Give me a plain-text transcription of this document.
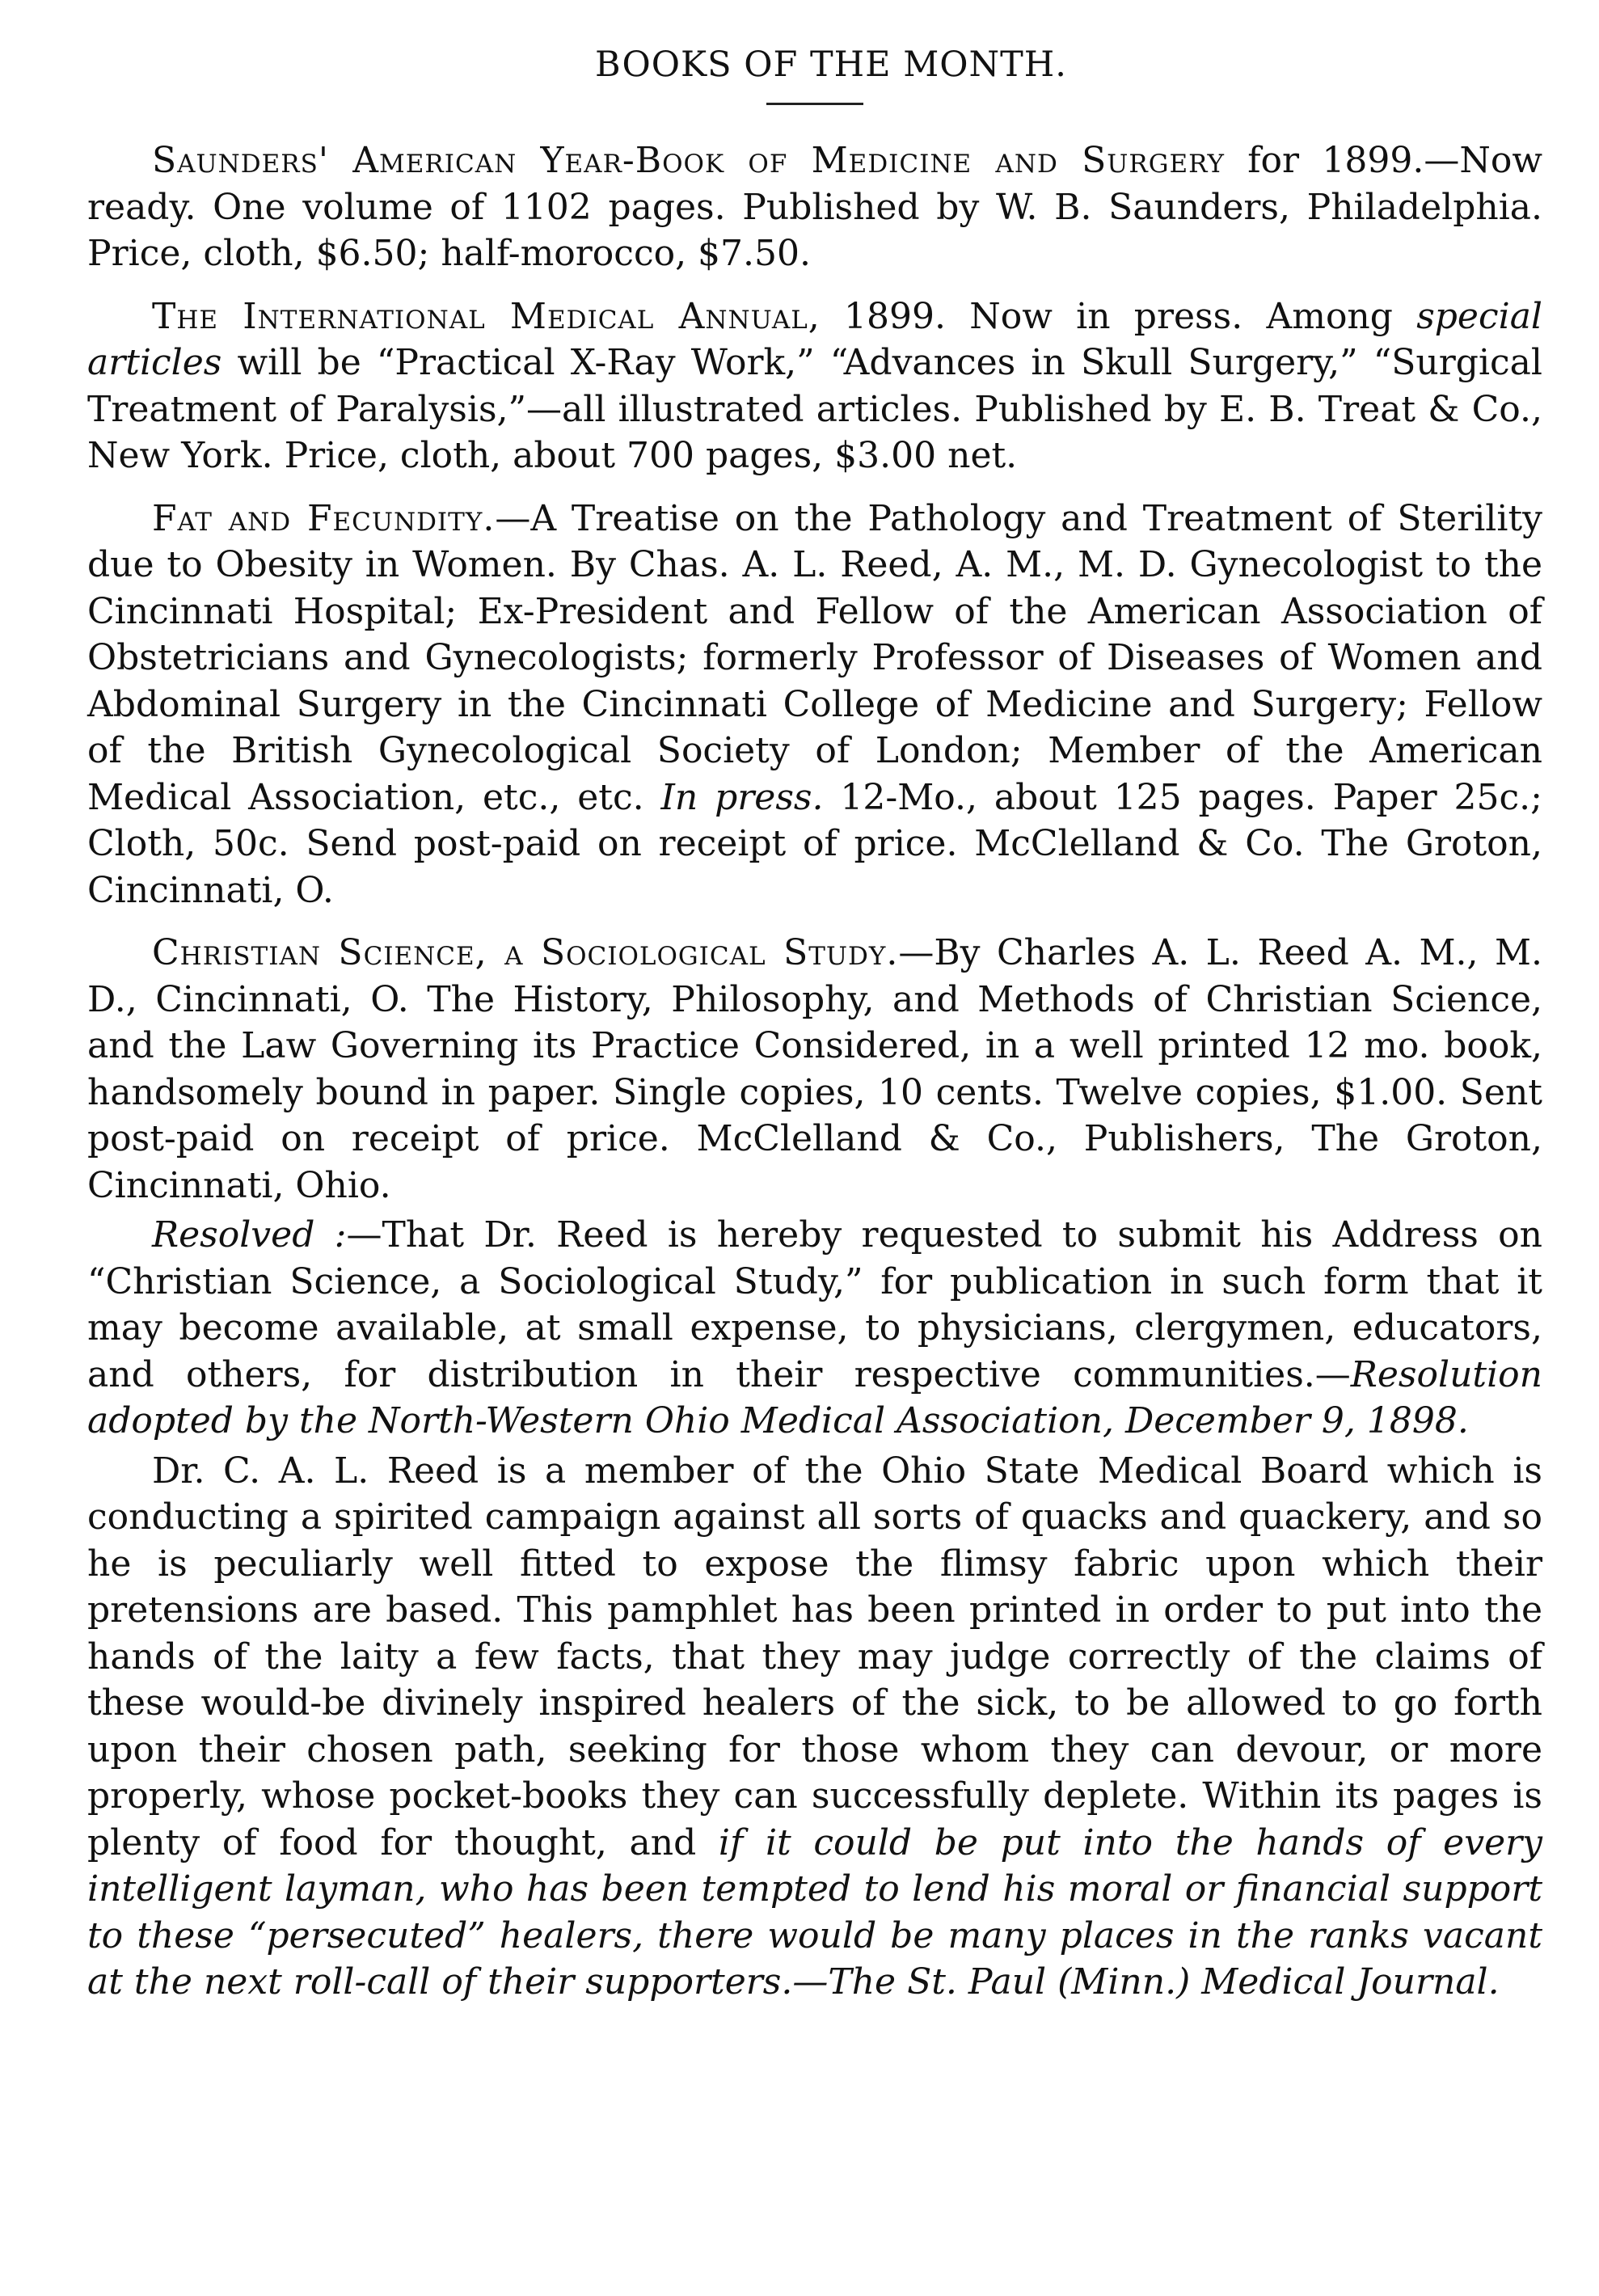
BOOKS OF THE MONTH.

Saunders' American Year-Book of Medicine and Surgery for 1899.—Now ready. One volume of 1102 pages. Published by W. B. Saunders, Philadelphia. Price, cloth, $6.50; half-morocco, $7.50.

The International Medical Annual, 1899. Now in press. Among special articles will be “Practical X-Ray Work,” “Advances in Skull Surgery,” “Surgical Treatment of Paralysis,”—all illustrated articles. Published by E. B. Treat & Co., New York. Price, cloth, about 700 pages, $3.00 net.

Fat and Fecundity.—A Treatise on the Pathology and Treatment of Sterility due to Obesity in Women. By Chas. A. L. Reed, A. M., M. D. Gynecologist to the Cincinnati Hospital; Ex-President and Fellow of the American Association of Obstetricians and Gynecologists; formerly Professor of Diseases of Women and Abdominal Surgery in the Cincinnati College of Medicine and Surgery; Fellow of the British Gynecological Society of London; Member of the American Medical Association, etc., etc. In press. 12-Mo., about 125 pages. Paper 25c.; Cloth, 50c. Send post-paid on receipt of price. McClelland & Co. The Groton, Cincinnati, O.

Christian Science, a Sociological Study.—By Charles A. L. Reed A. M., M. D., Cincinnati, O. The History, Philosophy, and Methods of Christian Science, and the Law Governing its Practice Considered, in a well printed 12 mo. book, handsomely bound in paper. Single copies, 10 cents. Twelve copies, $1.00. Sent post-paid on receipt of price. McClelland & Co., Publishers, The Groton, Cincinnati, Ohio.

Resolved :—That Dr. Reed is hereby requested to submit his Address on “Christian Science, a Sociological Study,” for publication in such form that it may become available, at small expense, to physicians, clergymen, educators, and others, for distribution in their respective communities.—Resolution adopted by the North-Western Ohio Medical Association, December 9, 1898.

Dr. C. A. L. Reed is a member of the Ohio State Medical Board which is conducting a spirited campaign against all sorts of quacks and quackery, and so he is peculiarly well fitted to expose the flimsy fabric upon which their pretensions are based. This pamphlet has been printed in order to put into the hands of the laity a few facts, that they may judge correctly of the claims of these would-be divinely inspired healers of the sick, to be allowed to go forth upon their chosen path, seeking for those whom they can devour, or more properly, whose pocket-books they can successfully deplete. Within its pages is plenty of food for thought, and if it could be put into the hands of every intelligent layman, who has been tempted to lend his moral or financial support to these “persecuted” healers, there would be many places in the ranks vacant at the next roll-call of their supporters.—The St. Paul (Minn.) Medical Journal.
